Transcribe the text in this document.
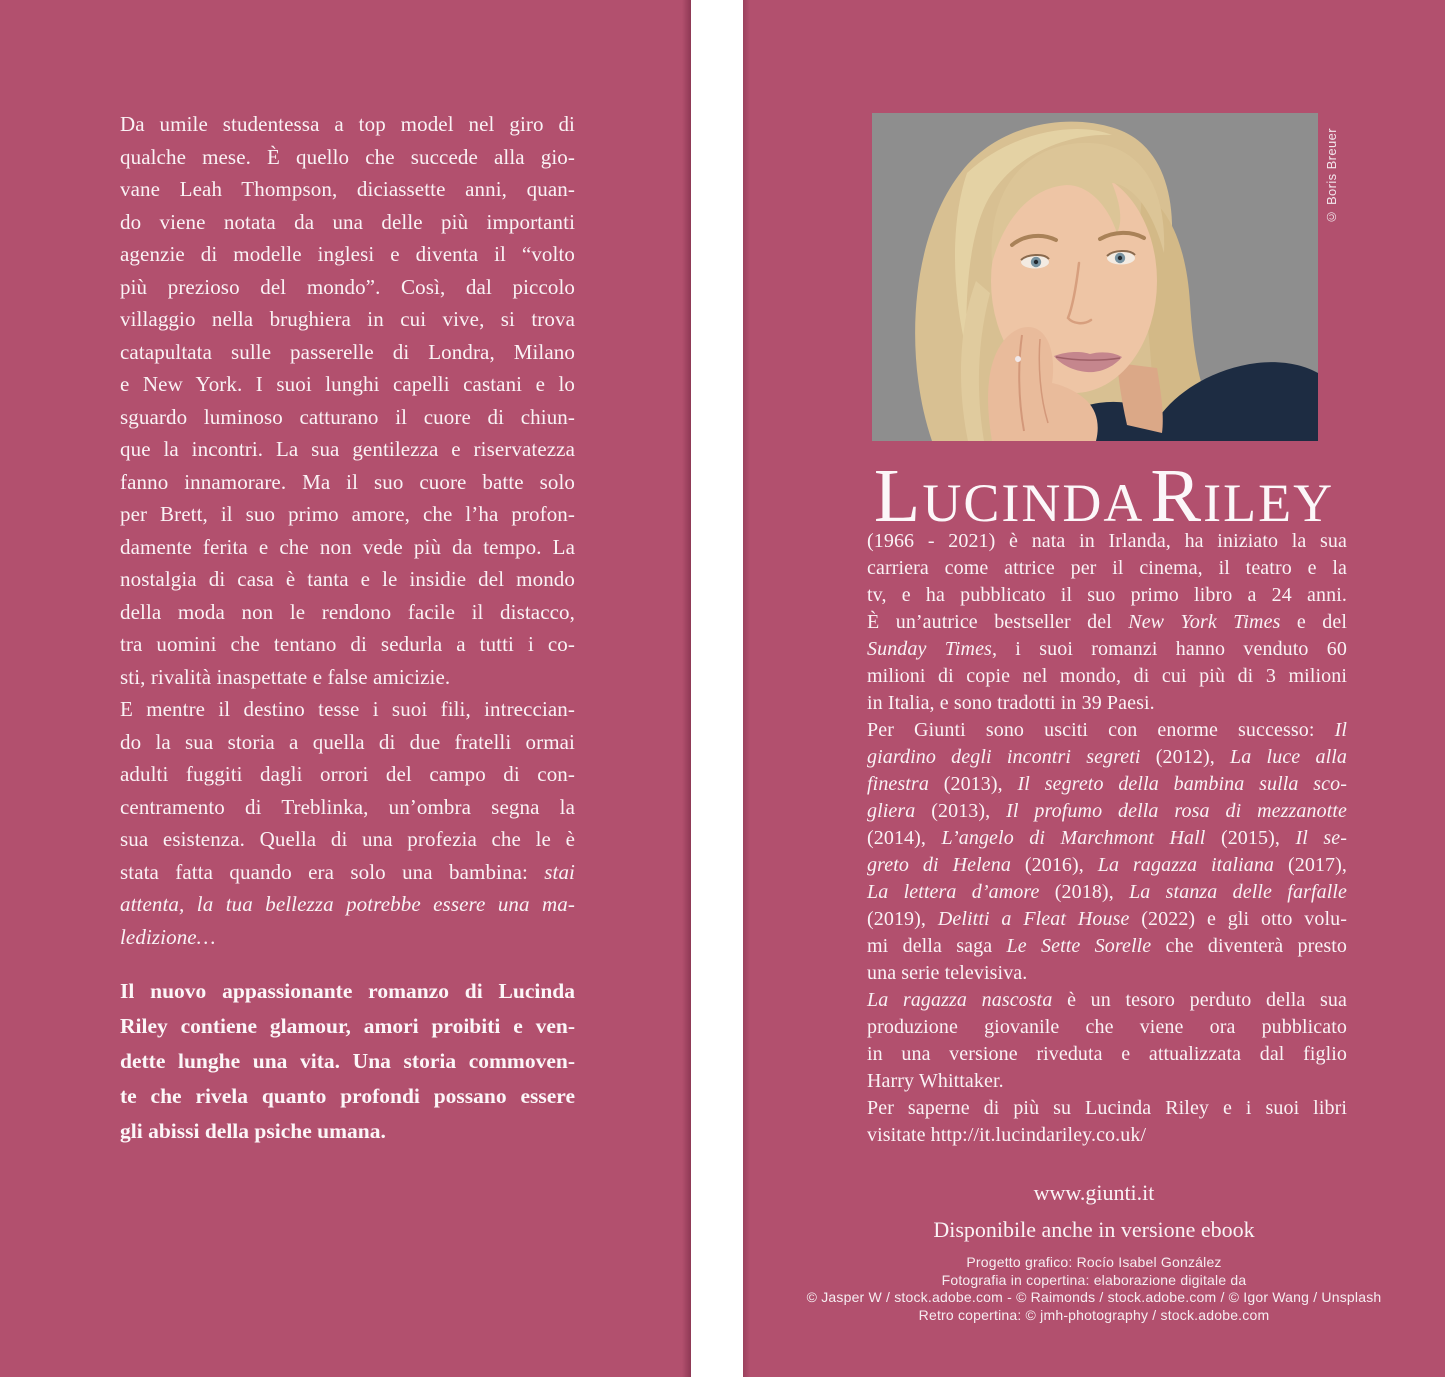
Da umile studentessa a top model nel giro di
qualche mese. È quello che succede alla gio-
vane Leah Thompson, diciassette anni, quan-
do viene notata da una delle più importanti
agenzie di modelle inglesi e diventa il “volto
più prezioso del mondo”. Così, dal piccolo
villaggio nella brughiera in cui vive, si trova
catapultata sulle passerelle di Londra, Milano
e New York. I suoi lunghi capelli castani e lo
sguardo luminoso catturano il cuore di chiun-
que la incontri. La sua gentilezza e riservatezza
fanno innamorare. Ma il suo cuore batte solo
per Brett, il suo primo amore, che l’ha profon-
damente ferita e che non vede più da tempo. La
nostalgia di casa è tanta e le insidie del mondo
della moda non le rendono facile il distacco,
tra uomini che tentano di sedurla a tutti i co-
sti, rivalità inaspettate e false amicizie.
E mentre il destino tesse i suoi fili, intreccian-
do la sua storia a quella di due fratelli ormai
adulti fuggiti dagli orrori del campo di con-
centramento di Treblinka, un’ombra segna la
sua esistenza. Quella di una profezia che le è
stata fatta quando era solo una bambina: stai
attenta, la tua bellezza potrebbe essere una ma-
ledizione…
Il nuovo appassionante romanzo di Lucinda
Riley contiene glamour, amori proibiti e ven-
dette lunghe una vita. Una storia commoven-
te che rivela quanto profondi possano essere
gli abissi della psiche umana.
© Boris Breuer
LUCINDA RILEY
(1966 - 2021) è nata in Irlanda, ha iniziato la sua
carriera come attrice per il cinema, il teatro e la
tv, e ha pubblicato il suo primo libro a 24 anni.
È un’autrice bestseller del New York Times e del
Sunday Times, i suoi romanzi hanno venduto 60
milioni di copie nel mondo, di cui più di 3 milioni
in Italia, e sono tradotti in 39 Paesi.
Per Giunti sono usciti con enorme successo: Il
giardino degli incontri segreti (2012), La luce alla
finestra (2013), Il segreto della bambina sulla sco-
gliera (2013), Il profumo della rosa di mezzanotte
(2014), L’angelo di Marchmont Hall (2015), Il se-
greto di Helena (2016), La ragazza italiana (2017),
La lettera d’amore (2018), La stanza delle farfalle
(2019), Delitti a Fleat House (2022) e gli otto volu-
mi della saga Le Sette Sorelle che diventerà presto
una serie televisiva.
La ragazza nascosta è un tesoro perduto della sua
produzione giovanile che viene ora pubblicato
in una versione riveduta e attualizzata dal figlio
Harry Whittaker.
Per saperne di più su Lucinda Riley e i suoi libri
visitate http://it.lucindariley.co.uk/
www.giunti.it
Disponibile anche in versione ebook
Progetto grafico: Rocío Isabel González
Fotografia in copertina: elaborazione digitale da
© Jasper W / stock.adobe.com - © Raimonds / stock.adobe.com / © Igor Wang / Unsplash
Retro copertina: © jmh-photography / stock.adobe.com
